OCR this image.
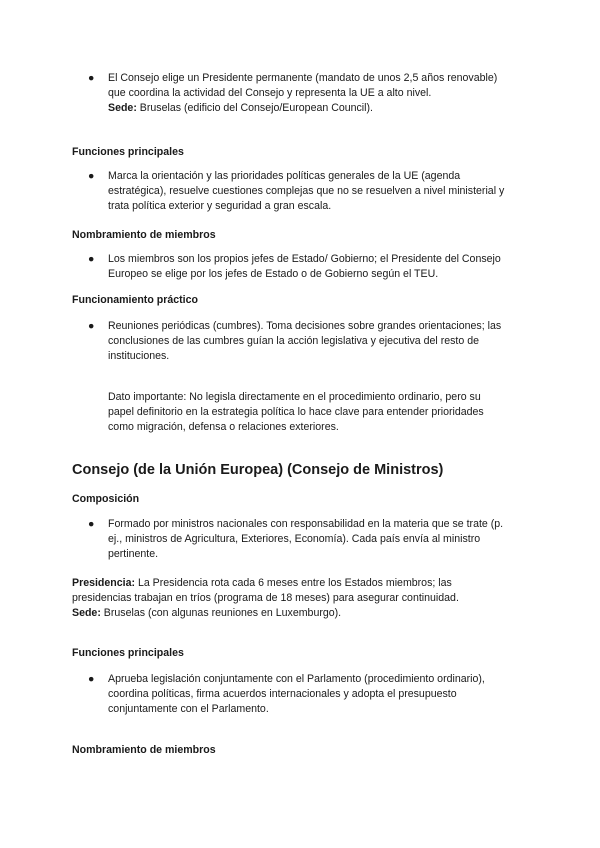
● El Consejo elige un Presidente permanente (mandato de unos 2,5 años renovable)
que coordina la actividad del Consejo y representa la UE a alto nivel.
Sede: Bruselas (edificio del Consejo/European Council).
Funciones principales
● Marca la orientación y las prioridades políticas generales de la UE (agenda
estratégica), resuelve cuestiones complejas que no se resuelven a nivel ministerial y
trata política exterior y seguridad a gran escala.
Nombramiento de miembros
● Los miembros son los propios jefes de Estado/ Gobierno; el Presidente del Consejo
Europeo se elige por los jefes de Estado o de Gobierno según el TEU.
Funcionamiento práctico
● Reuniones periódicas (cumbres). Toma decisiones sobre grandes orientaciones; las
conclusiones de las cumbres guían la acción legislativa y ejecutiva del resto de
instituciones.
Dato importante: No legisla directamente en el procedimiento ordinario, pero su
papel definitorio en la estrategia política lo hace clave para entender prioridades
como migración, defensa o relaciones exteriores.
Consejo (de la Unión Europea) (Consejo de Ministros)
Composición
● Formado por ministros nacionales con responsabilidad en la materia que se trate (p.
ej., ministros de Agricultura, Exteriores, Economía). Cada país envía al ministro
pertinente.
Presidencia: La Presidencia rota cada 6 meses entre los Estados miembros; las
presidencias trabajan en tríos (programa de 18 meses) para asegurar continuidad.
Sede: Bruselas (con algunas reuniones en Luxemburgo).
Funciones principales
● Aprueba legislación conjuntamente con el Parlamento (procedimiento ordinario),
coordina políticas, firma acuerdos internacionales y adopta el presupuesto
conjuntamente con el Parlamento.
Nombramiento de miembros
